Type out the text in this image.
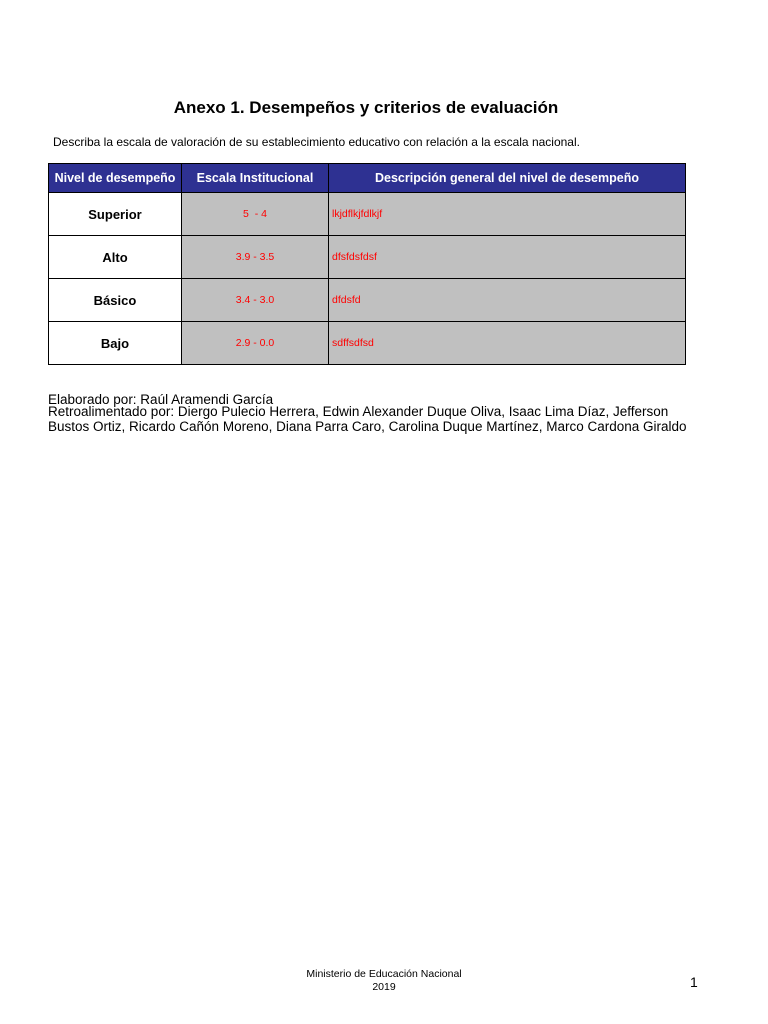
Anexo 1. Desempeños y criterios de evaluación
Describa la escala de valoración de su establecimiento educativo con relación a la escala nacional.
Nivel de desempeño	Escala Institucional	Descripción general del nivel de desempeño
Superior	5  - 4	lkjdflkjfdlkjf
Alto	3.9 - 3.5	dfsfdsfdsf
Básico	3.4 - 3.0	dfdsfd
Bajo	2.9 - 0.0	sdffsdfsd
Elaborado por: Raúl Aramendi García
Retroalimentado por: Diergo Pulecio Herrera, Edwin Alexander Duque Oliva, Isaac Lima Díaz, Jefferson Bustos Ortiz, Ricardo Cañón Moreno, Diana Parra Caro, Carolina Duque Martínez, Marco Cardona Giraldo
Ministerio de Educación Nacional
2019	1
